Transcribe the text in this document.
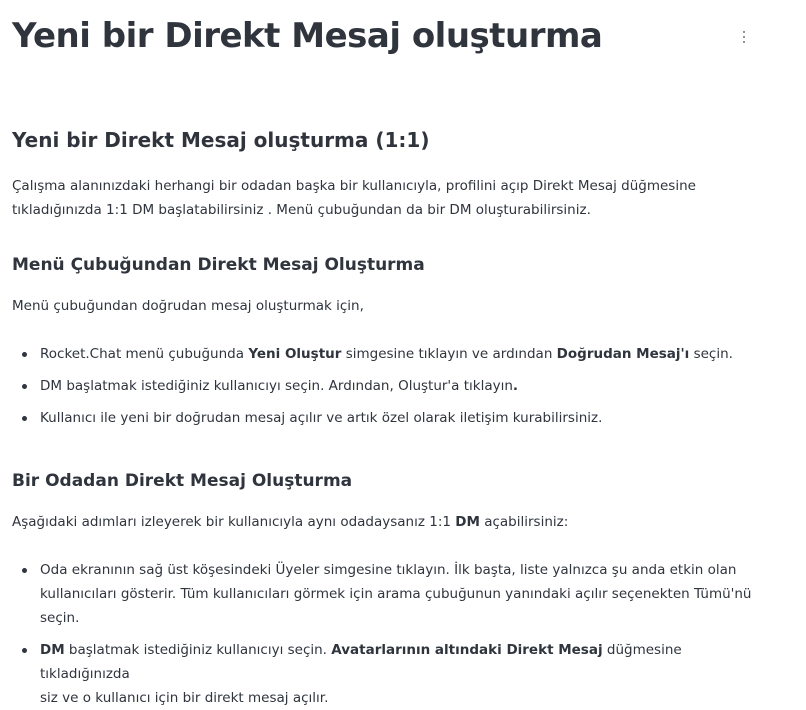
Yeni bir Direkt Mesaj oluşturma
Yeni bir Direkt Mesaj oluşturma (1:1)

Çalışma alanınızdaki herhangi bir odadan başka bir kullanıcıyla, profilini açıp Direkt Mesaj düğmesine
tıkladığınızda 1:1 DM başlatabilirsiniz . Menü çubuğundan da bir DM oluşturabilirsiniz.

Menü Çubuğundan Direkt Mesaj Oluşturma

Menü çubuğundan doğrudan mesaj oluşturmak için,

Rocket.Chat menü çubuğunda Yeni Oluştur simgesine tıklayın ve ardından Doğrudan Mesaj'ı seçin.
DM başlatmak istediğiniz kullanıcıyı seçin. Ardından, Oluştur'a tıklayın.
Kullanıcı ile yeni bir doğrudan mesaj açılır ve artık özel olarak iletişim kurabilirsiniz.
Bir Odadan Direkt Mesaj Oluşturma

Aşağıdaki adımları izleyerek bir kullanıcıyla aynı odadaysanız 1:1 DM açabilirsiniz:

Oda ekranının sağ üst köşesindeki Üyeler simgesine tıklayın. İlk başta, liste yalnızca şu anda etkin olan
kullanıcıları gösterir. Tüm kullanıcıları görmek için arama çubuğunun yanındaki açılır seçenekten Tümü'nü
seçin.
DM başlatmak istediğiniz kullanıcıyı seçin. Avatarlarının altındaki Direkt Mesaj düğmesine tıkladığınızda
siz ve o kullanıcı için bir direkt mesaj açılır.
